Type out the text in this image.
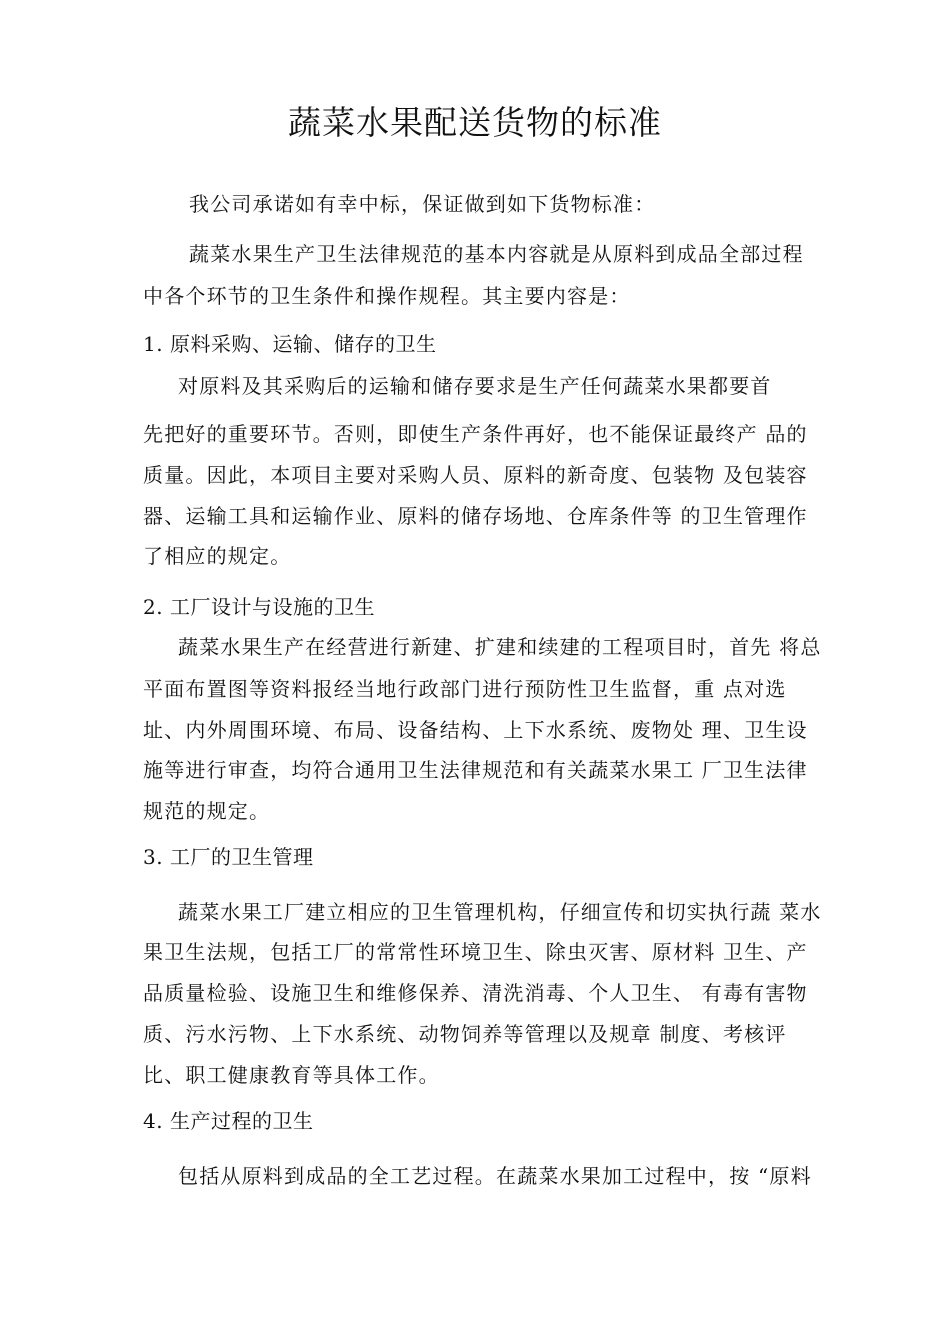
蔬菜水果配送货物的标准
我公司承诺如有幸中标，保证做到如下货物标准：
蔬菜水果生产卫生法律规范的基本内容就是从原料到成品全部过程
中各个环节的卫生条件和操作规程。其主要内容是：
1. 原料采购、运输、储存的卫生
对原料及其采购后的运输和储存要求是生产任何蔬菜水果都要首
先把好的重要环节。否则，即使生产条件再好，也不能保证最终产 品的
质量。因此，本项目主要对采购人员、原料的新奇度、包装物 及包装容
器、运输工具和运输作业、原料的储存场地、仓库条件等 的卫生管理作
了相应的规定。
2. 工厂设计与设施的卫生
蔬菜水果生产在经营进行新建、扩建和续建的工程项目时，首先 将总
平面布置图等资料报经当地行政部门进行预防性卫生监督，重 点对选
址、内外周围环境、布局、设备结构、上下水系统、废物处 理、卫生设
施等进行审查，均符合通用卫生法律规范和有关蔬菜水果工 厂卫生法律
规范的规定。
3. 工厂的卫生管理
蔬菜水果工厂建立相应的卫生管理机构，仔细宣传和切实执行蔬 菜水
果卫生法规，包括工厂的常常性环境卫生、除虫灭害、原材料 卫生、产
品质量检验、设施卫生和维修保养、清洗消毒、个人卫生、 有毒有害物
质、污水污物、上下水系统、动物饲养等管理以及规章 制度、考核评
比、职工健康教育等具体工作。
4. 生产过程的卫生
包括从原料到成品的全工艺过程。在蔬菜水果加工过程中，按 “原料
